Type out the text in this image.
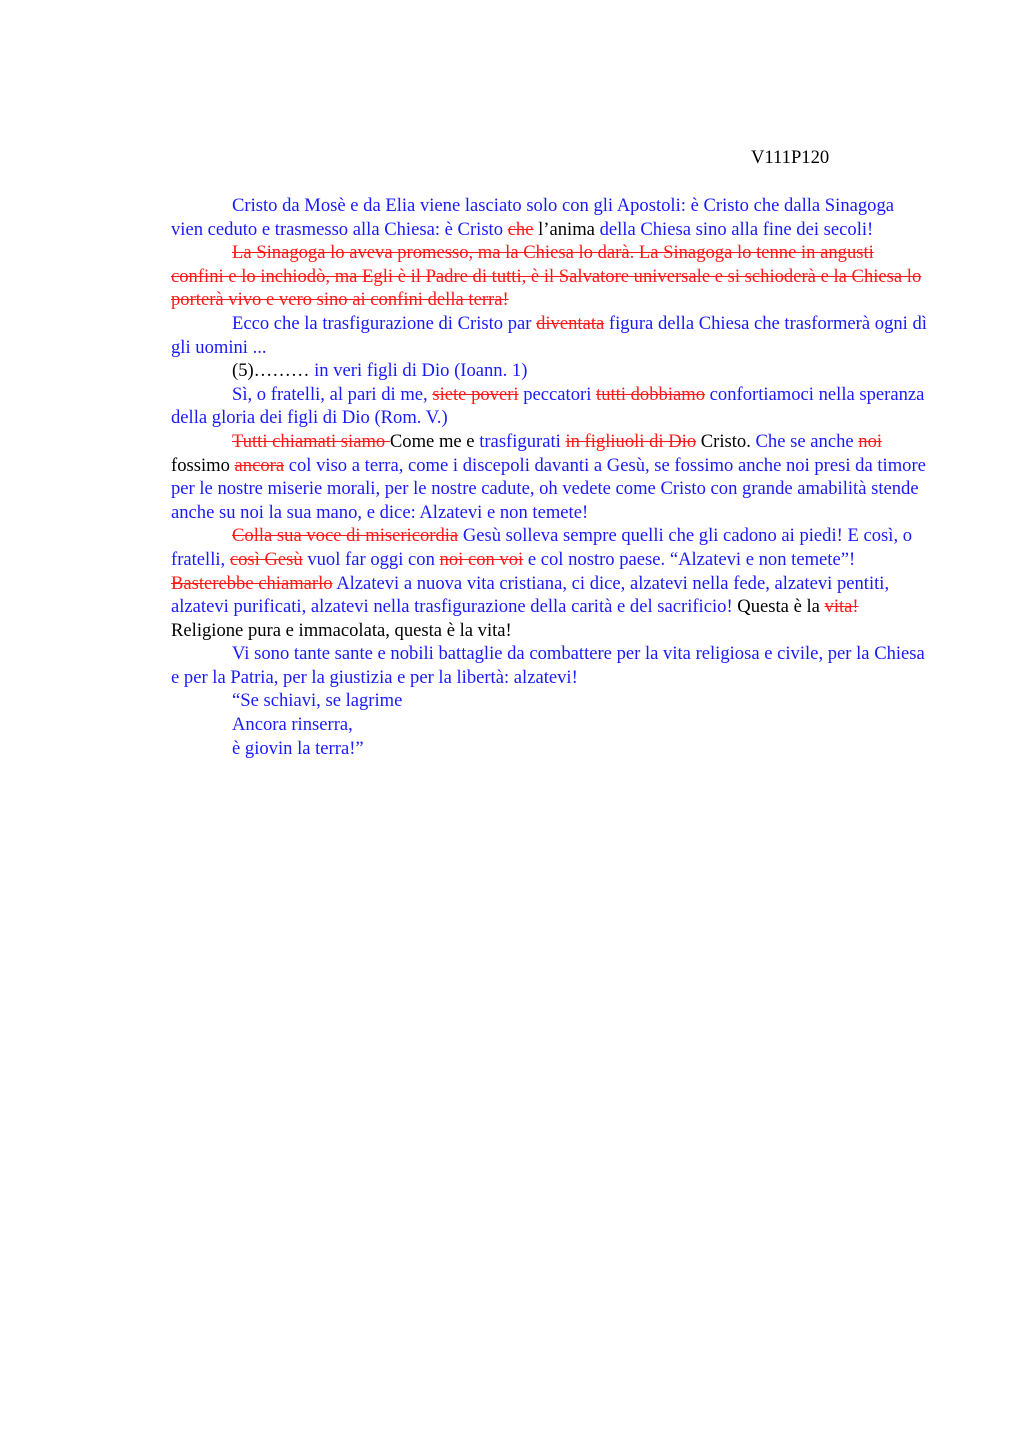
V111P120

Cristo da Mosè e da Elia viene lasciato solo con gli Apostoli: è Cristo che dalla Sinagoga vien ceduto e trasmesso alla Chiesa: è Cristo che l’anima della Chiesa sino alla fine dei secoli!

La Sinagoga lo aveva promesso, ma la Chiesa lo darà. La Sinagoga lo tenne in angusti confini e lo inchiodò, ma Egli è il Padre di tutti, è il Salvatore universale e si schioderà e la Chiesa lo porterà vivo e vero sino ai confini della terra!

Ecco che la trasfigurazione di Cristo par diventata figura della Chiesa che trasformerà ogni dì gli uomini ...

(5)……… in veri figli di Dio (Ioann. 1)

Sì, o fratelli, al pari di me, siete poveri peccatori tutti dobbiamo confortiamoci nella speranza della gloria dei figli di Dio (Rom. V.)

Tutti chiamati siamo Come me e trasfigurati in figliuoli di Dio Cristo. Che se anche noi fossimo ancora col viso a terra, come i discepoli davanti a Gesù, se fossimo anche noi presi da timore per le nostre miserie morali, per le nostre cadute, oh vedete come Cristo con grande amabilità stende anche su noi la sua mano, e dice: Alzatevi e non temete!

Colla sua voce di misericordia Gesù solleva sempre quelli che gli cadono ai piedi! E così, o fratelli, così Gesù vuol far oggi con noi con voi e col nostro paese. “Alzatevi e non temete”! Basterebbe chiamarlo Alzatevi a nuova vita cristiana, ci dice, alzatevi nella fede, alzatevi pentiti, alzatevi purificati, alzatevi nella trasfigurazione della carità e del sacrificio! Questa è la vita! Religione pura e immacolata, questa è la vita!

Vi sono tante sante e nobili battaglie da combattere per la vita religiosa e civile, per la Chiesa e per la Patria, per la giustizia e per la libertà: alzatevi!

“Se schiavi, se lagrime

Ancora rinserra,

è giovin la terra!”
